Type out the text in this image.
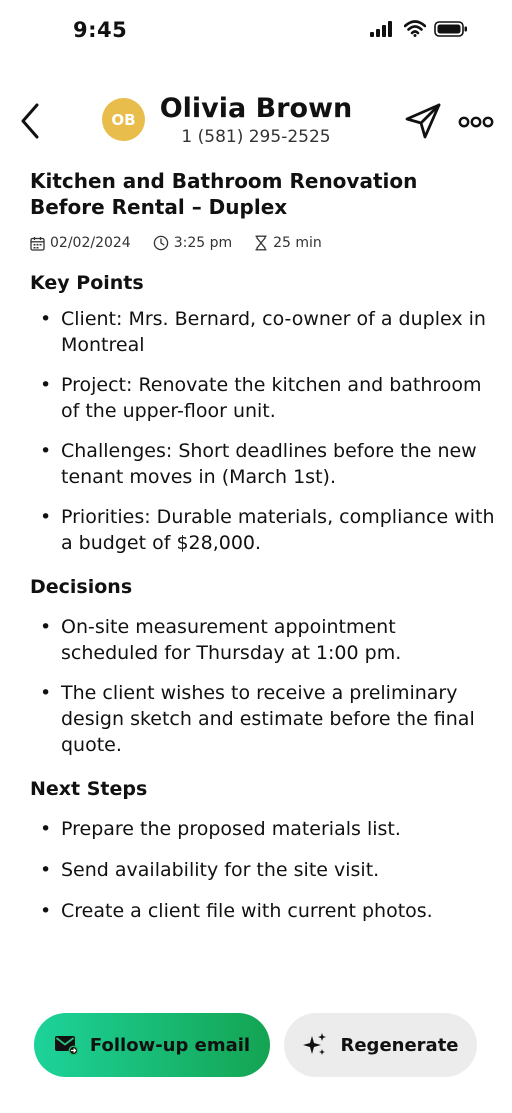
9:45
OB Olivia Brown
1 (581) 295-2525
Kitchen and Bathroom Renovation Before Rental – Duplex
02/02/2024	3:25 pm	25 min
Key Points
• Client: Mrs. Bernard, co-owner of a duplex in Montreal
• Project: Renovate the kitchen and bathroom of the upper-floor unit.
• Challenges: Short deadlines before the new tenant moves in (March 1st).
• Priorities: Durable materials, compliance with a budget of $28,000.
Decisions
• On-site measurement appointment scheduled for Thursday at 1:00 pm.
• The client wishes to receive a preliminary design sketch and estimate before the final quote.
Next Steps
• Prepare the proposed materials list.
• Send availability for the site visit.
• Create a client file with current photos.
Follow-up email	Regenerate
